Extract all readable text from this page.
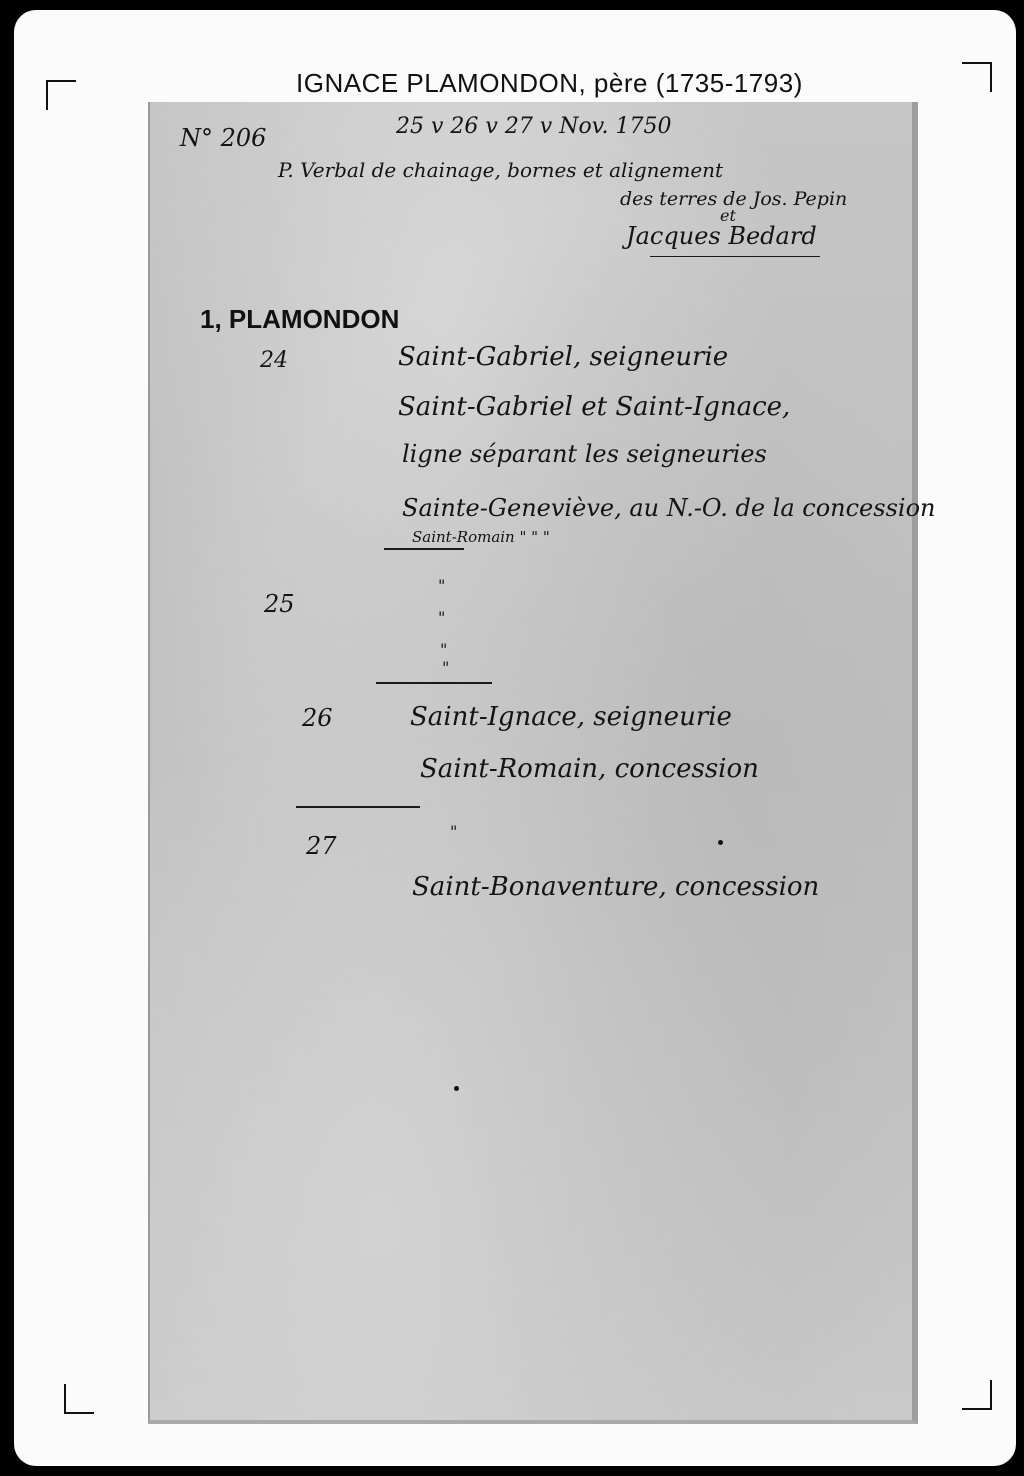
IGNACE PLAMONDON, père (1735-1793)
N° 206	25 v 26 v 27 v Nov. 1750
P. Verbal de chainage, bornes et alignement
des terres de Jos. Pepin
et
Jacques Bedard
1, PLAMONDON
24	Saint-Gabriel, seigneurie
Saint-Gabriel et Saint-Ignace,
ligne séparant les seigneuries
Sainte-Geneviève, au N.-O. de la concession
Saint-Romain " " "
25
"
"
"
"
26	Saint-Ignace, seigneurie
Saint-Romain, concession
27
"
Saint-Bonaventure, concession
